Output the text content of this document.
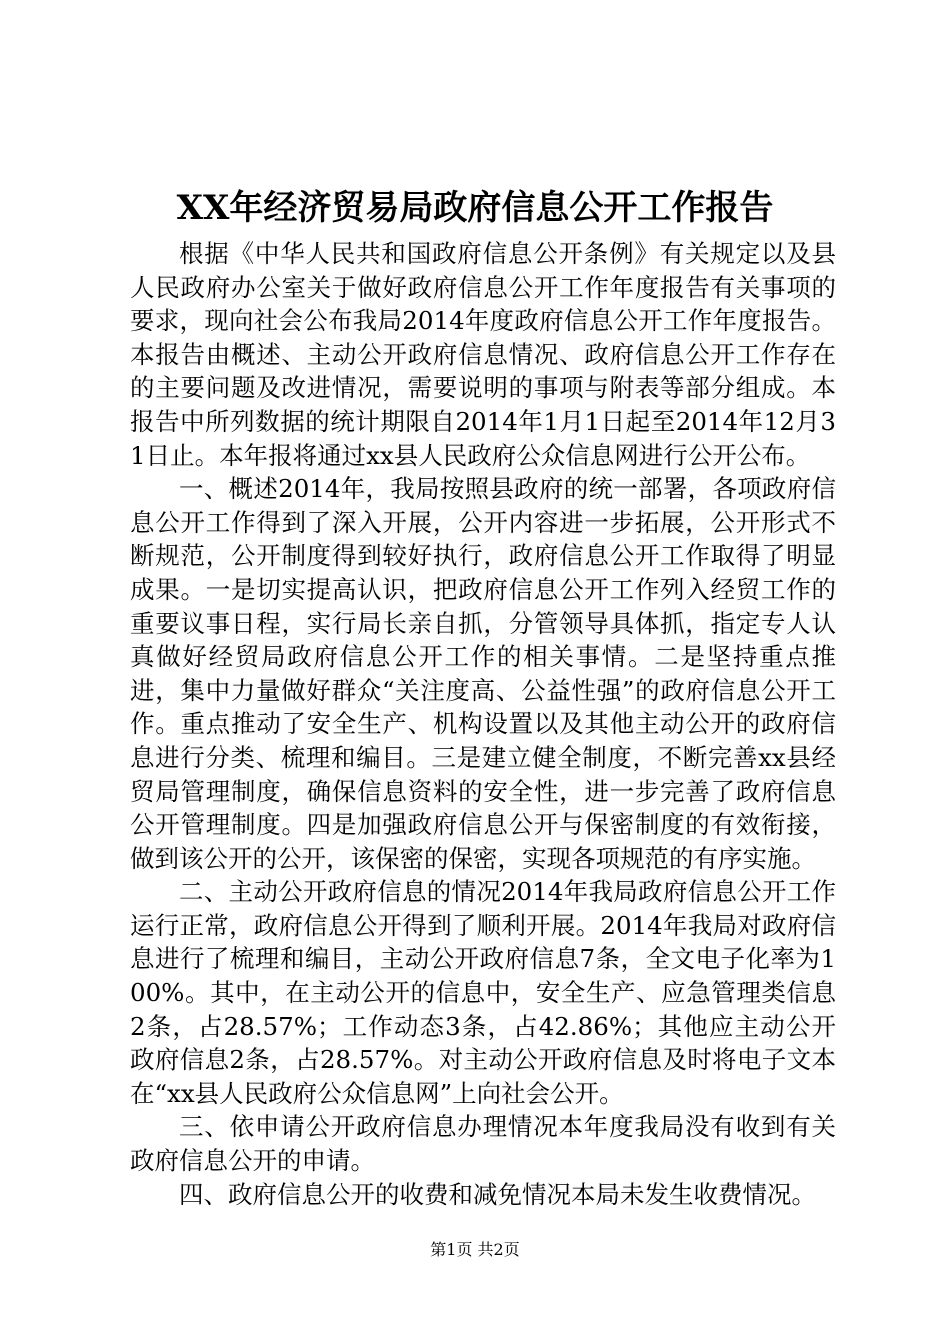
XX年经济贸易局政府信息公开工作报告

根据《中华人民共和国政府信息公开条例》有关规定以及县人民政府办公室关于做好政府信息公开工作年度报告有关事项的要求，现向社会公布我局2014年度政府信息公开工作年度报告。本报告由概述、主动公开政府信息情况、政府信息公开工作存在的主要问题及改进情况，需要说明的事项与附表等部分组成。本报告中所列数据的统计期限自2014年1月1日起至2014年12月31日止。本年报将通过xx县人民政府公众信息网进行公开公布。

一、概述2014年，我局按照县政府的统一部署，各项政府信息公开工作得到了深入开展，公开内容进一步拓展，公开形式不断规范，公开制度得到较好执行，政府信息公开工作取得了明显成果。一是切实提高认识，把政府信息公开工作列入经贸工作的重要议事日程，实行局长亲自抓，分管领导具体抓，指定专人认真做好经贸局政府信息公开工作的相关事情。二是坚持重点推进，集中力量做好群众“关注度高、公益性强”的政府信息公开工作。重点推动了安全生产、机构设置以及其他主动公开的政府信息进行分类、梳理和编目。三是建立健全制度，不断完善xx县经贸局管理制度，确保信息资料的安全性，进一步完善了政府信息公开管理制度。四是加强政府信息公开与保密制度的有效衔接，做到该公开的公开，该保密的保密，实现各项规范的有序实施。

二、主动公开政府信息的情况2014年我局政府信息公开工作运行正常，政府信息公开得到了顺利开展。2014年我局对政府信息进行了梳理和编目，主动公开政府信息7条，全文电子化率为100%。其中，在主动公开的信息中，安全生产、应急管理类信息2条，占28.57%；工作动态3条，占42.86%；其他应主动公开政府信息2条，占28.57%。对主动公开政府信息及时将电子文本在“xx县人民政府公众信息网”上向社会公开。

三、依申请公开政府信息办理情况本年度我局没有收到有关政府信息公开的申请。

四、政府信息公开的收费和减免情况本局未发生收费情况。

第1页 共2页
